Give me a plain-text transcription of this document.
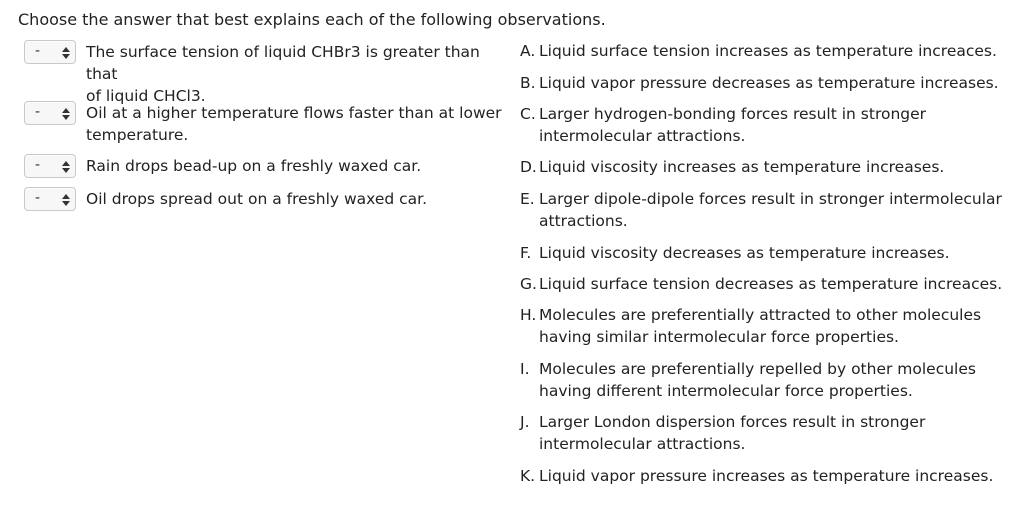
Choose the answer that best explains each of the following observations.
-	The surface tension of liquid CHBr3 is greater than that
of liquid CHCl3.
-	Oil at a higher temperature flows faster than at lower
temperature.
-	Rain drops bead-up on a freshly waxed car.
-	Oil drops spread out on a freshly waxed car.
A. Liquid surface tension increases as temperature increaces.
B. Liquid vapor pressure decreases as temperature increases.
C. Larger hydrogen-bonding forces result in stronger
intermolecular attractions.
D. Liquid viscosity increases as temperature increases.
E. Larger dipole-dipole forces result in stronger intermolecular
attractions.
F. Liquid viscosity decreases as temperature increases.
G. Liquid surface tension decreases as temperature increaces.
H. Molecules are preferentially attracted to other molecules
having similar intermolecular force properties.
I. Molecules are preferentially repelled by other molecules
having different intermolecular force properties.
J. Larger London dispersion forces result in stronger
intermolecular attractions.
K. Liquid vapor pressure increases as temperature increases.
